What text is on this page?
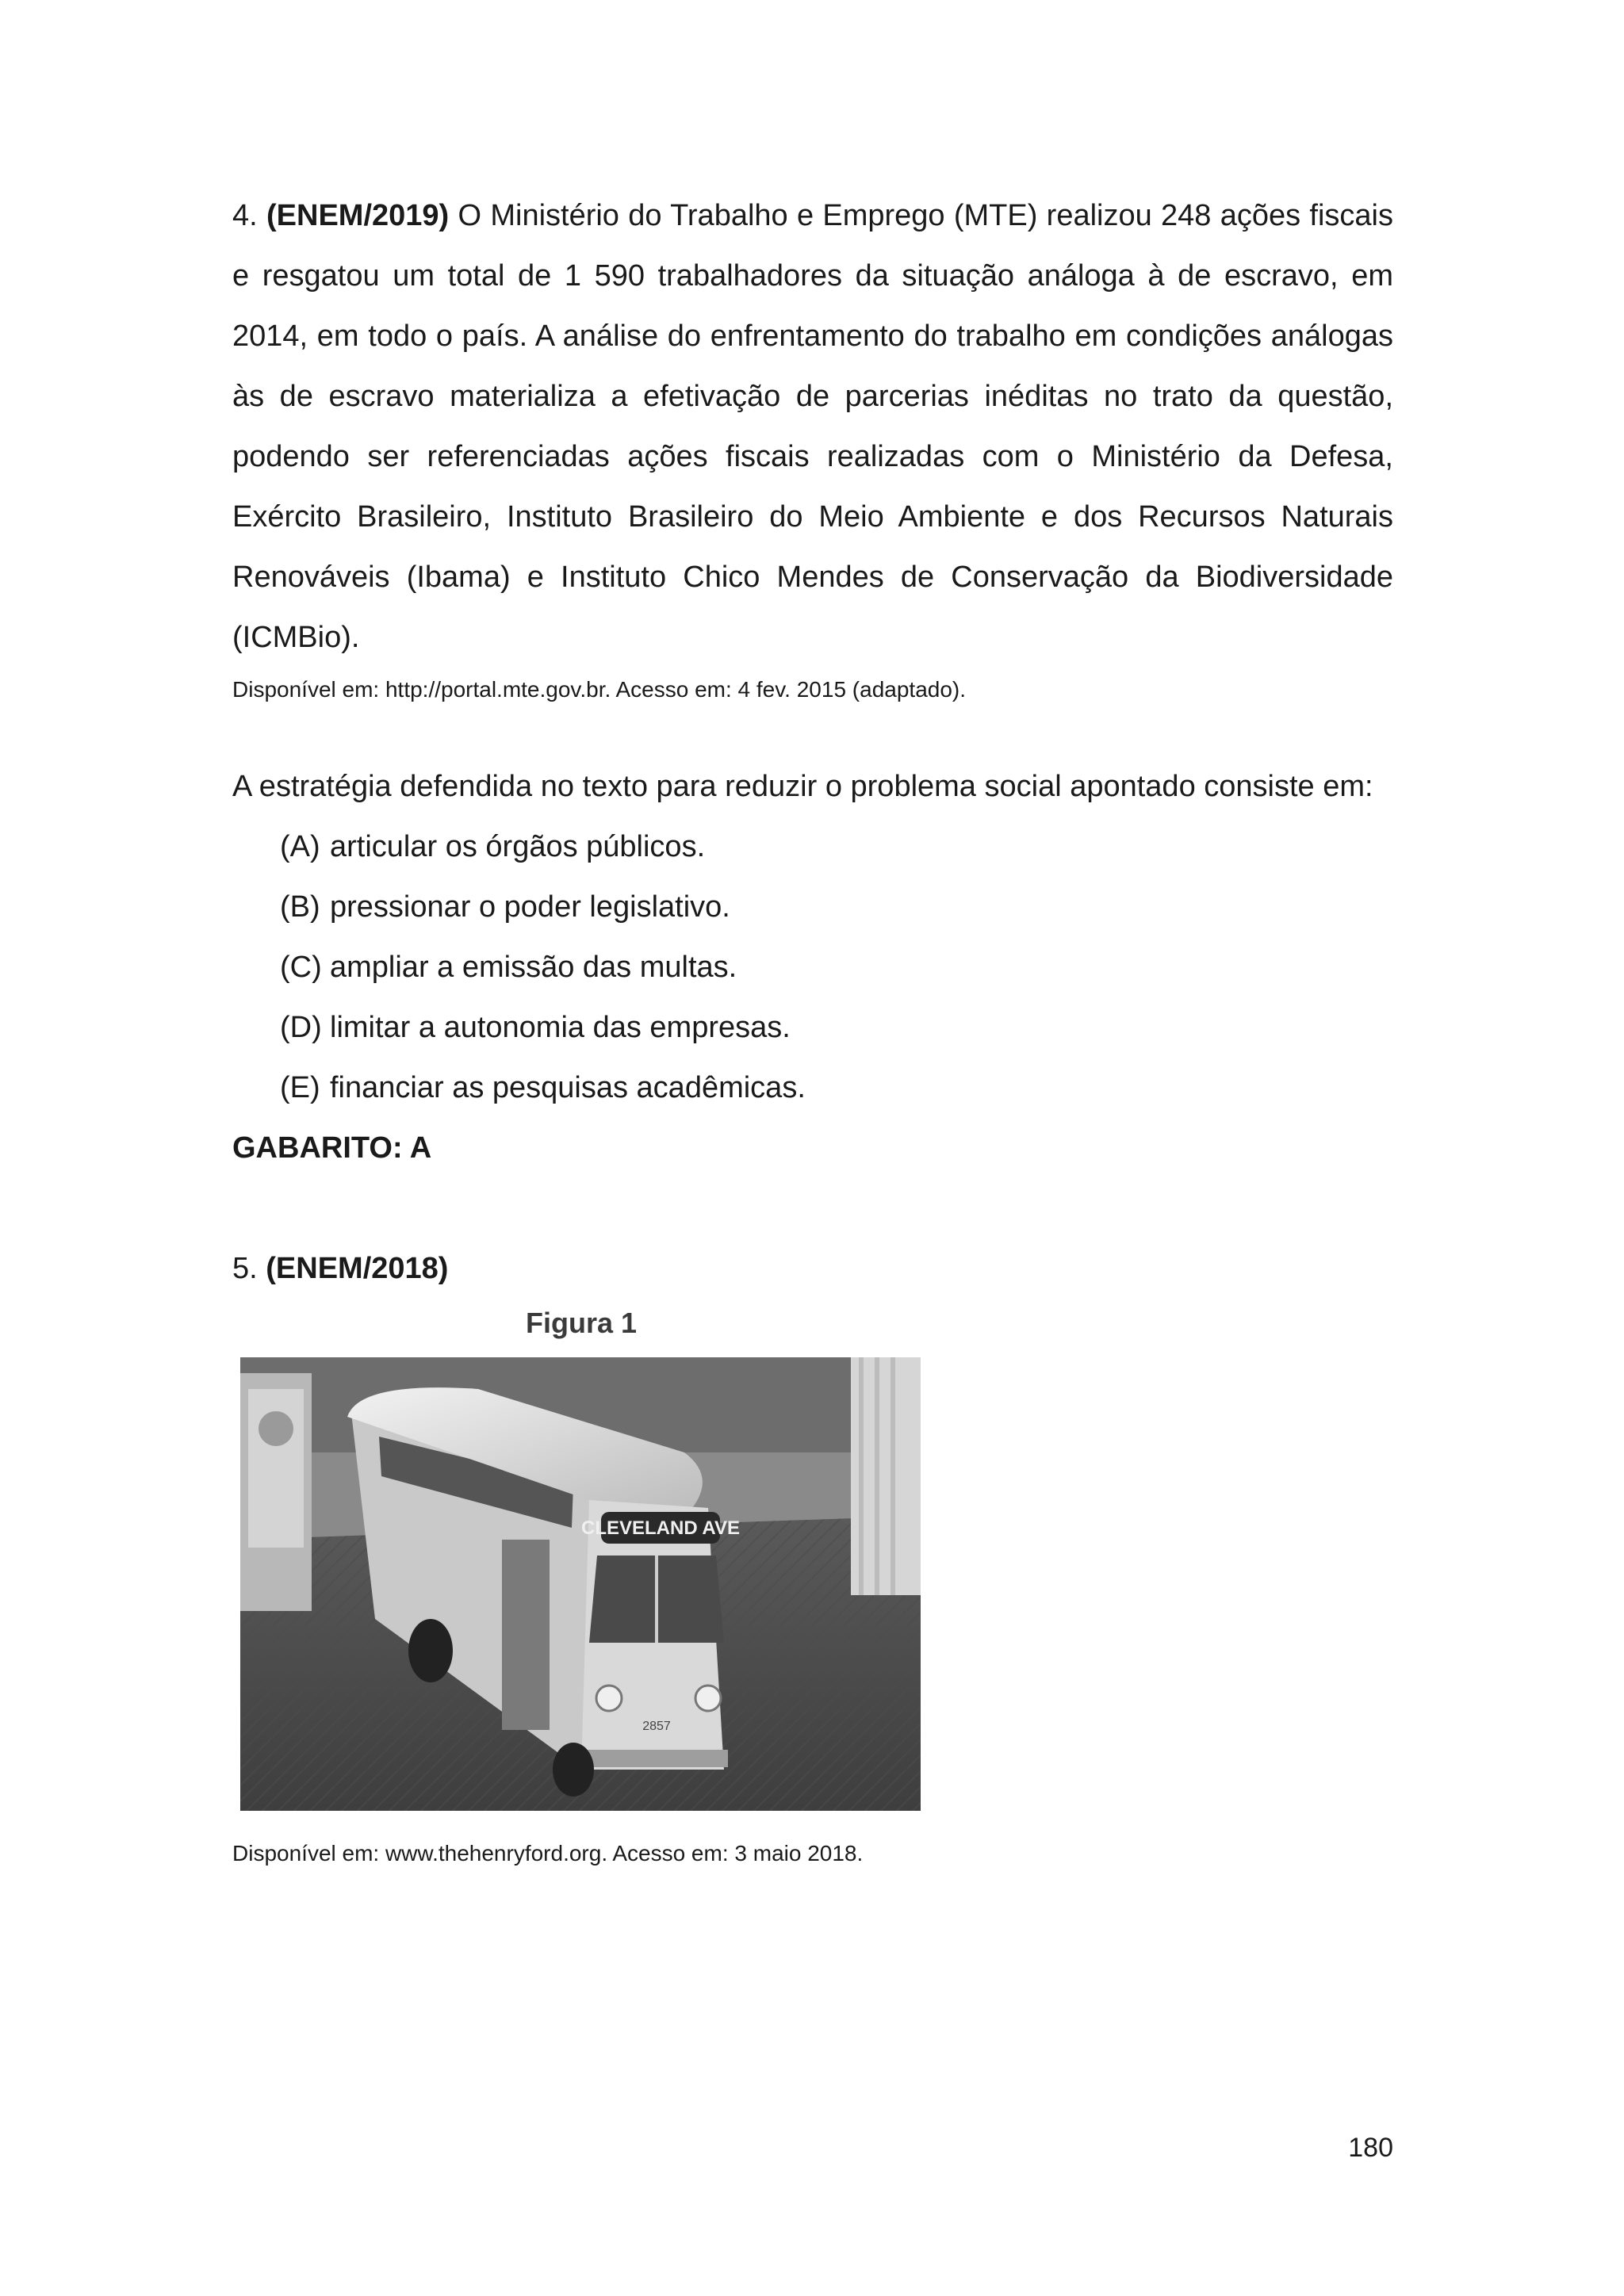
4. (ENEM/2019) O Ministério do Trabalho e Emprego (MTE) realizou 248 ações fiscais e resgatou um total de 1 590 trabalhadores da situação análoga à de escravo, em 2014, em todo o país. A análise do enfrentamento do trabalho em condições análogas às de escravo materializa a efetivação de parcerias inéditas no trato da questão, podendo ser referenciadas ações fiscais realizadas com o Ministério da Defesa, Exército Brasileiro, Instituto Brasileiro do Meio Ambiente e dos Recursos Naturais Renováveis (Ibama) e Instituto Chico Mendes de Conservação da Biodiversidade (ICMBio).

Disponível em: http://portal.mte.gov.br. Acesso em: 4 fev. 2015 (adaptado).

A estratégia defendida no texto para reduzir o problema social apontado consiste em:

(A) articular os órgãos públicos.
(B) pressionar o poder legislativo.
(C) ampliar a emissão das multas.
(D) limitar a autonomia das empresas.
(E) financiar as pesquisas acadêmicas.

GABARITO: A

5. (ENEM/2018)

Figura 1
CLEVELAND AVE
2857
Disponível em: www.thehenryford.org. Acesso em: 3 maio 2018.
180
